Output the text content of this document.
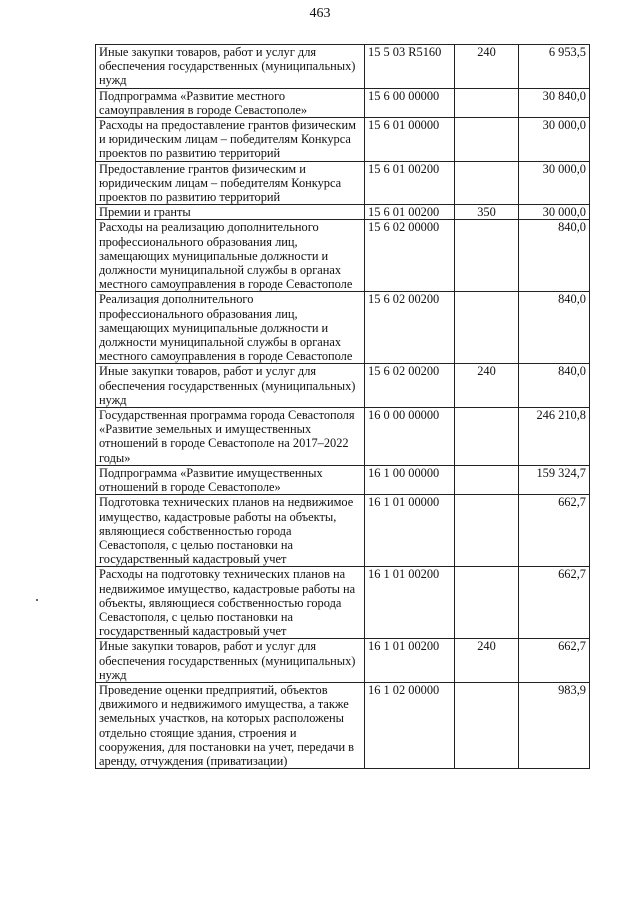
463
Иные закупки товаров, работ и услуг для обеспечения государственных (муниципальных) нужд	15 5 03 R5160	240	6 953,5
Подпрограмма «Развитие местного самоуправления в городе Севастополе»	15 6 00 00000		30 840,0
Расходы на предоставление грантов физическим и юридическим лицам – победителям Конкурса проектов по развитию территорий	15 6 01 00000		30 000,0
Предоставление грантов физическим и юридическим лицам – победителям Конкурса проектов по развитию территорий	15 6 01 00200		30 000,0
Премии и гранты	15 6 01 00200	350	30 000,0
Расходы на реализацию дополнительного профессионального образования лиц, замещающих муниципальные должности и должности муниципальной службы в органах местного самоуправления в городе Севастополе	15 6 02 00000		840,0
Реализация дополнительного профессионального образования лиц, замещающих муниципальные должности и должности муниципальной службы в органах местного самоуправления в городе Севастополе	15 6 02 00200		840,0
Иные закупки товаров, работ и услуг для обеспечения государственных (муниципальных) нужд	15 6 02 00200	240	840,0
Государственная программа города Севастополя «Развитие земельных и имущественных отношений в городе Севастополе на 2017–2022 годы»	16 0 00 00000		246 210,8
Подпрограмма «Развитие имущественных отношений в городе Севастополе»	16 1 00 00000		159 324,7
Подготовка технических планов на недвижимое имущество, кадастровые работы на объекты, являющиеся собственностью города Севастополя, с целью постановки на государственный кадастровый учет	16 1 01 00000		662,7
Расходы на подготовку технических планов на недвижимое имущество, кадастровые работы на объекты, являющиеся собственностью города Севастополя, с целью постановки на государственный кадастровый учет	16 1 01 00200		662,7
Иные закупки товаров, работ и услуг для обеспечения государственных (муниципальных) нужд	16 1 01 00200	240	662,7
Проведение оценки предприятий, объектов движимого и недвижимого имущества, а также земельных участков, на которых расположены отдельно стоящие здания, строения и сооружения, для постановки на учет, передачи в аренду, отчуждения (приватизации)	16 1 02 00000		983,9
